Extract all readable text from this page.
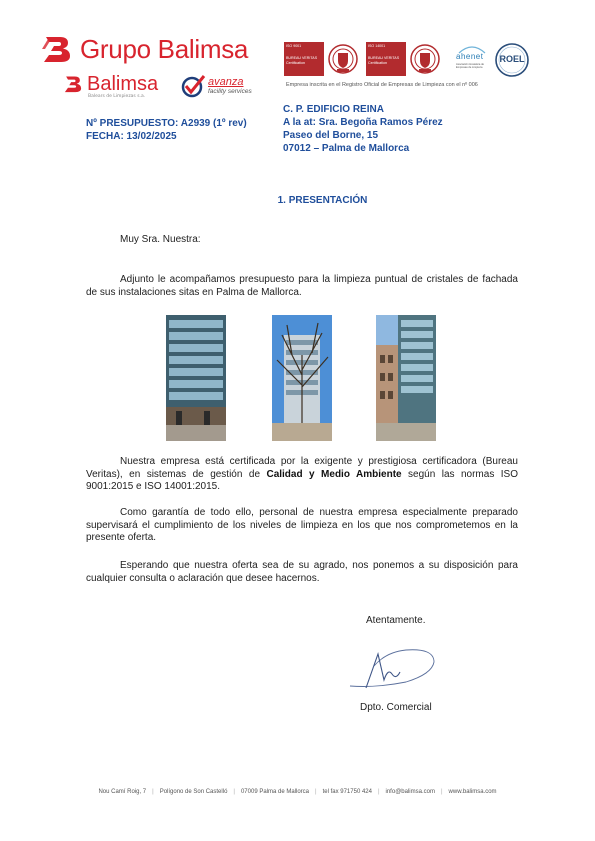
Grupo Balimsa
Balimsa
Balears de Limpiezas s.a.
avanza
facility services
ISO 9001
BUREAU VERITAS
Certification
ISO 14001
BUREAU VERITAS
Certification
ahenet
Asociación Hostelera de Empresas de Limpieza
ROEL
Empresa inscrita en el Registro Oficial de Empresas de Limpieza con el nº 006
Nº PRESUPUESTO: A2939 (1º rev)
FECHA: 13/02/2025
C. P. EDIFICIO REINA
A la at: Sra. Begoña Ramos Pérez
Paseo del Borne, 15
07012 – Palma de Mallorca
1. PRESENTACIÓN
Muy Sra. Nuestra:

Adjunto le acompañamos presupuesto para la limpieza puntual de cristales de fachada de sus instalaciones sitas en Palma de Mallorca.

Nuestra empresa está certificada por la exigente y prestigiosa certificadora (Bureau Veritas), en sistemas de gestión de Calidad y Medio Ambiente según las normas ISO 9001:2015 e ISO 14001:2015.

Como garantía de todo ello, personal de nuestra empresa especialmente preparado supervisará el cumplimiento de los niveles de limpieza en los que nos comprometemos en la presente oferta.

Esperando que nuestra oferta sea de su agrado, nos ponemos a su disposición para cualquier consulta o aclaración que desee hacernos.

Atentamente.
Dpto. Comercial
Nou Camí Roig, 7 | Polígono de Son Castelló | 07009 Palma de Mallorca | tel fax 971750 424 | info@balimsa.com | www.balimsa.com
